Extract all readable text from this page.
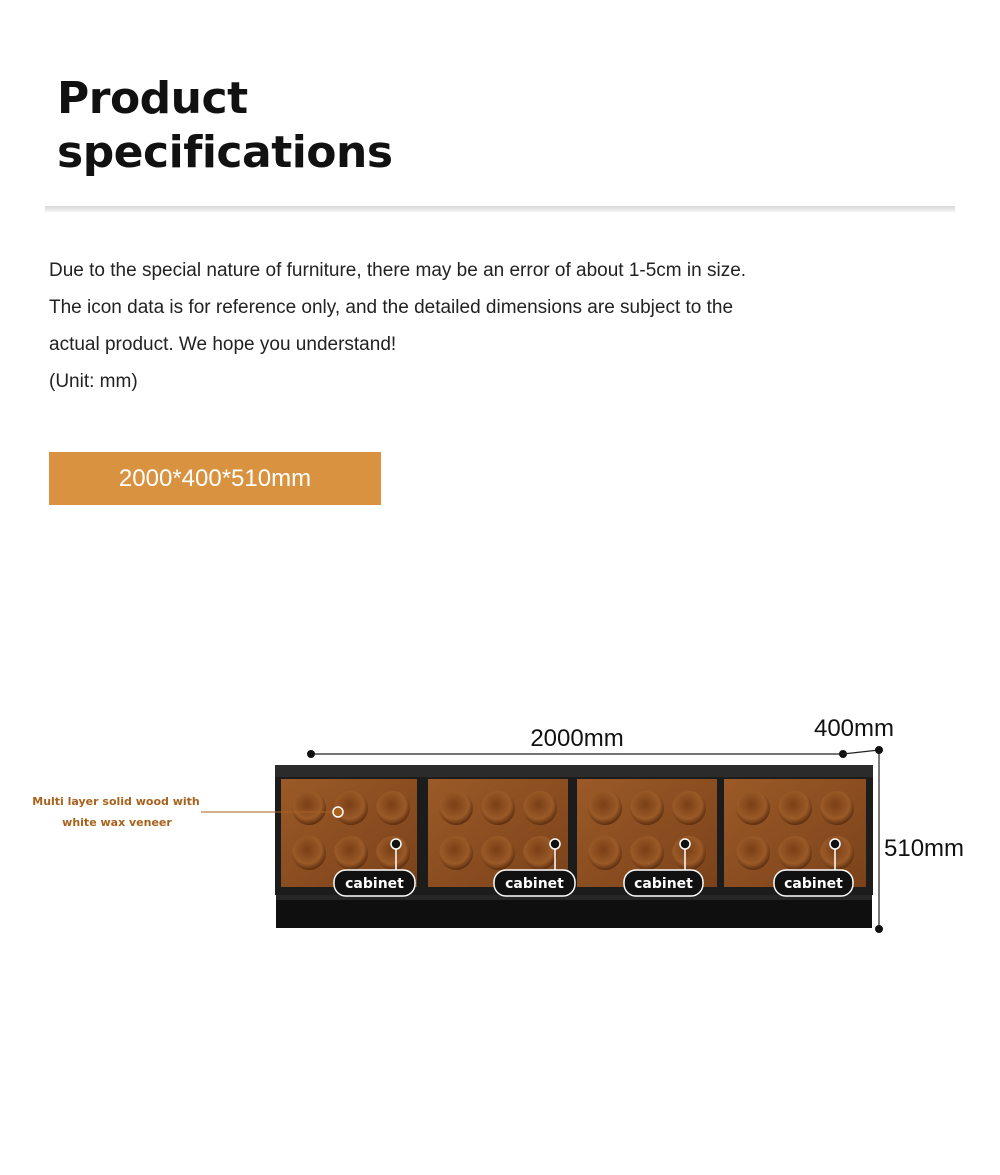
Product
specifications

Due to the special nature of furniture, there may be an error of about 1-5cm in size.

The icon data is for reference only, and the detailed dimensions are subject to the

actual product. We hope you understand!

(Unit: mm)

2000*400*510mm
2000mm	400mm
510mm
Multi layer solid wood with
white wax veneer
cabinet	cabinet	cabinet	cabinet
